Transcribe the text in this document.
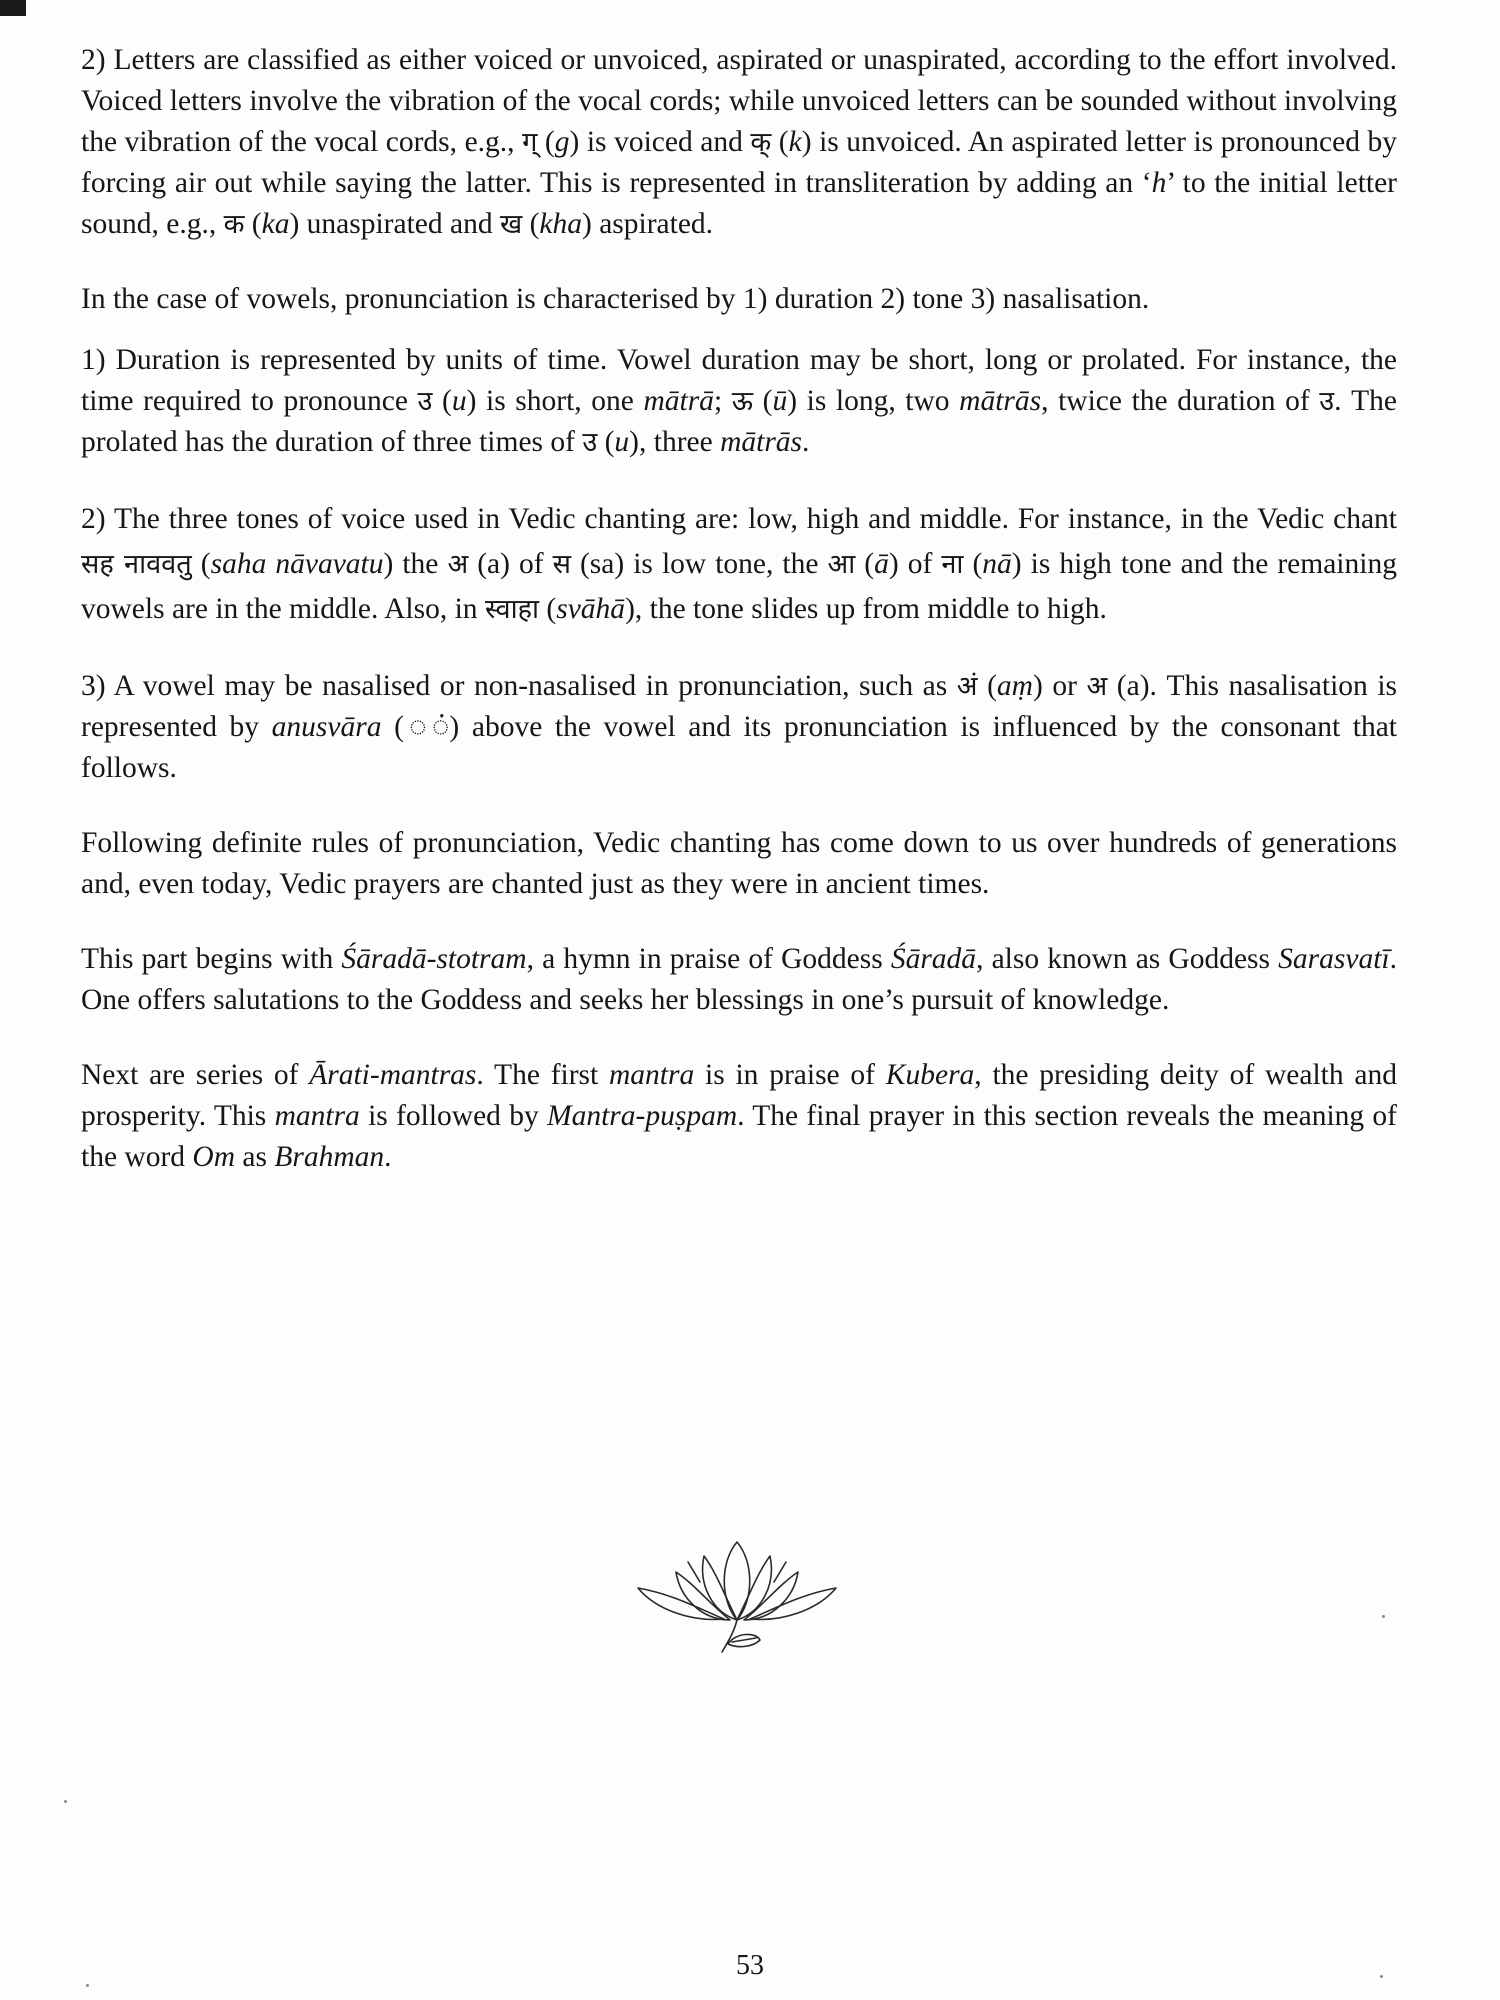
2) Letters are classified as either voiced or unvoiced, aspirated or unaspirated, according to the effort involved. Voiced letters involve the vibration of the vocal cords; while unvoiced letters can be sounded without involving the vibration of the vocal cords, e.g., ग् (g) is voiced and क् (k) is unvoiced. An aspirated letter is pronounced by forcing air out while saying the latter. This is represented in transliteration by adding an ‘h’ to the initial letter sound, e.g., क (ka) unaspirated and ख (kha) aspirated.

In the case of vowels, pronunciation is characterised by 1) duration 2) tone 3) nasalisation.

1) Duration is represented by units of time. Vowel duration may be short, long or prolated. For instance, the time required to pronounce उ (u) is short, one mātrā; ऊ (ū) is long, two mātrās, twice the duration of उ. The prolated has the duration of three times of उ (u), three mātrās.

2) The three tones of voice used in Vedic chanting are: low, high and middle. For instance, in the Vedic chant सह नाववतु (saha nāvavatu) the अ (a) of स (sa) is low tone, the आ (ā) of ना (nā) is high tone and the remaining vowels are in the middle. Also, in स्वाहा (svāhā), the tone slides up from middle to high.

3) A vowel may be nasalised or non-nasalised in pronunciation, such as अं (aṃ) or अ (a). This nasalisation is represented by anusvāra (◌ं) above the vowel and its pronunciation is influenced by the consonant that follows.

Following definite rules of pronunciation, Vedic chanting has come down to us over hundreds of generations and, even today, Vedic prayers are chanted just as they were in ancient times.

This part begins with Śāradā-stotram, a hymn in praise of Goddess Śāradā, also known as Goddess Sarasvatī. One offers salutations to the Goddess and seeks her blessings in one’s pursuit of knowledge.

Next are series of Ārati-mantras. The first mantra is in praise of Kubera, the presiding deity of wealth and prosperity. This mantra is followed by Mantra-puṣpam. The final prayer in this section reveals the meaning of the word Om as Brahman.

53
